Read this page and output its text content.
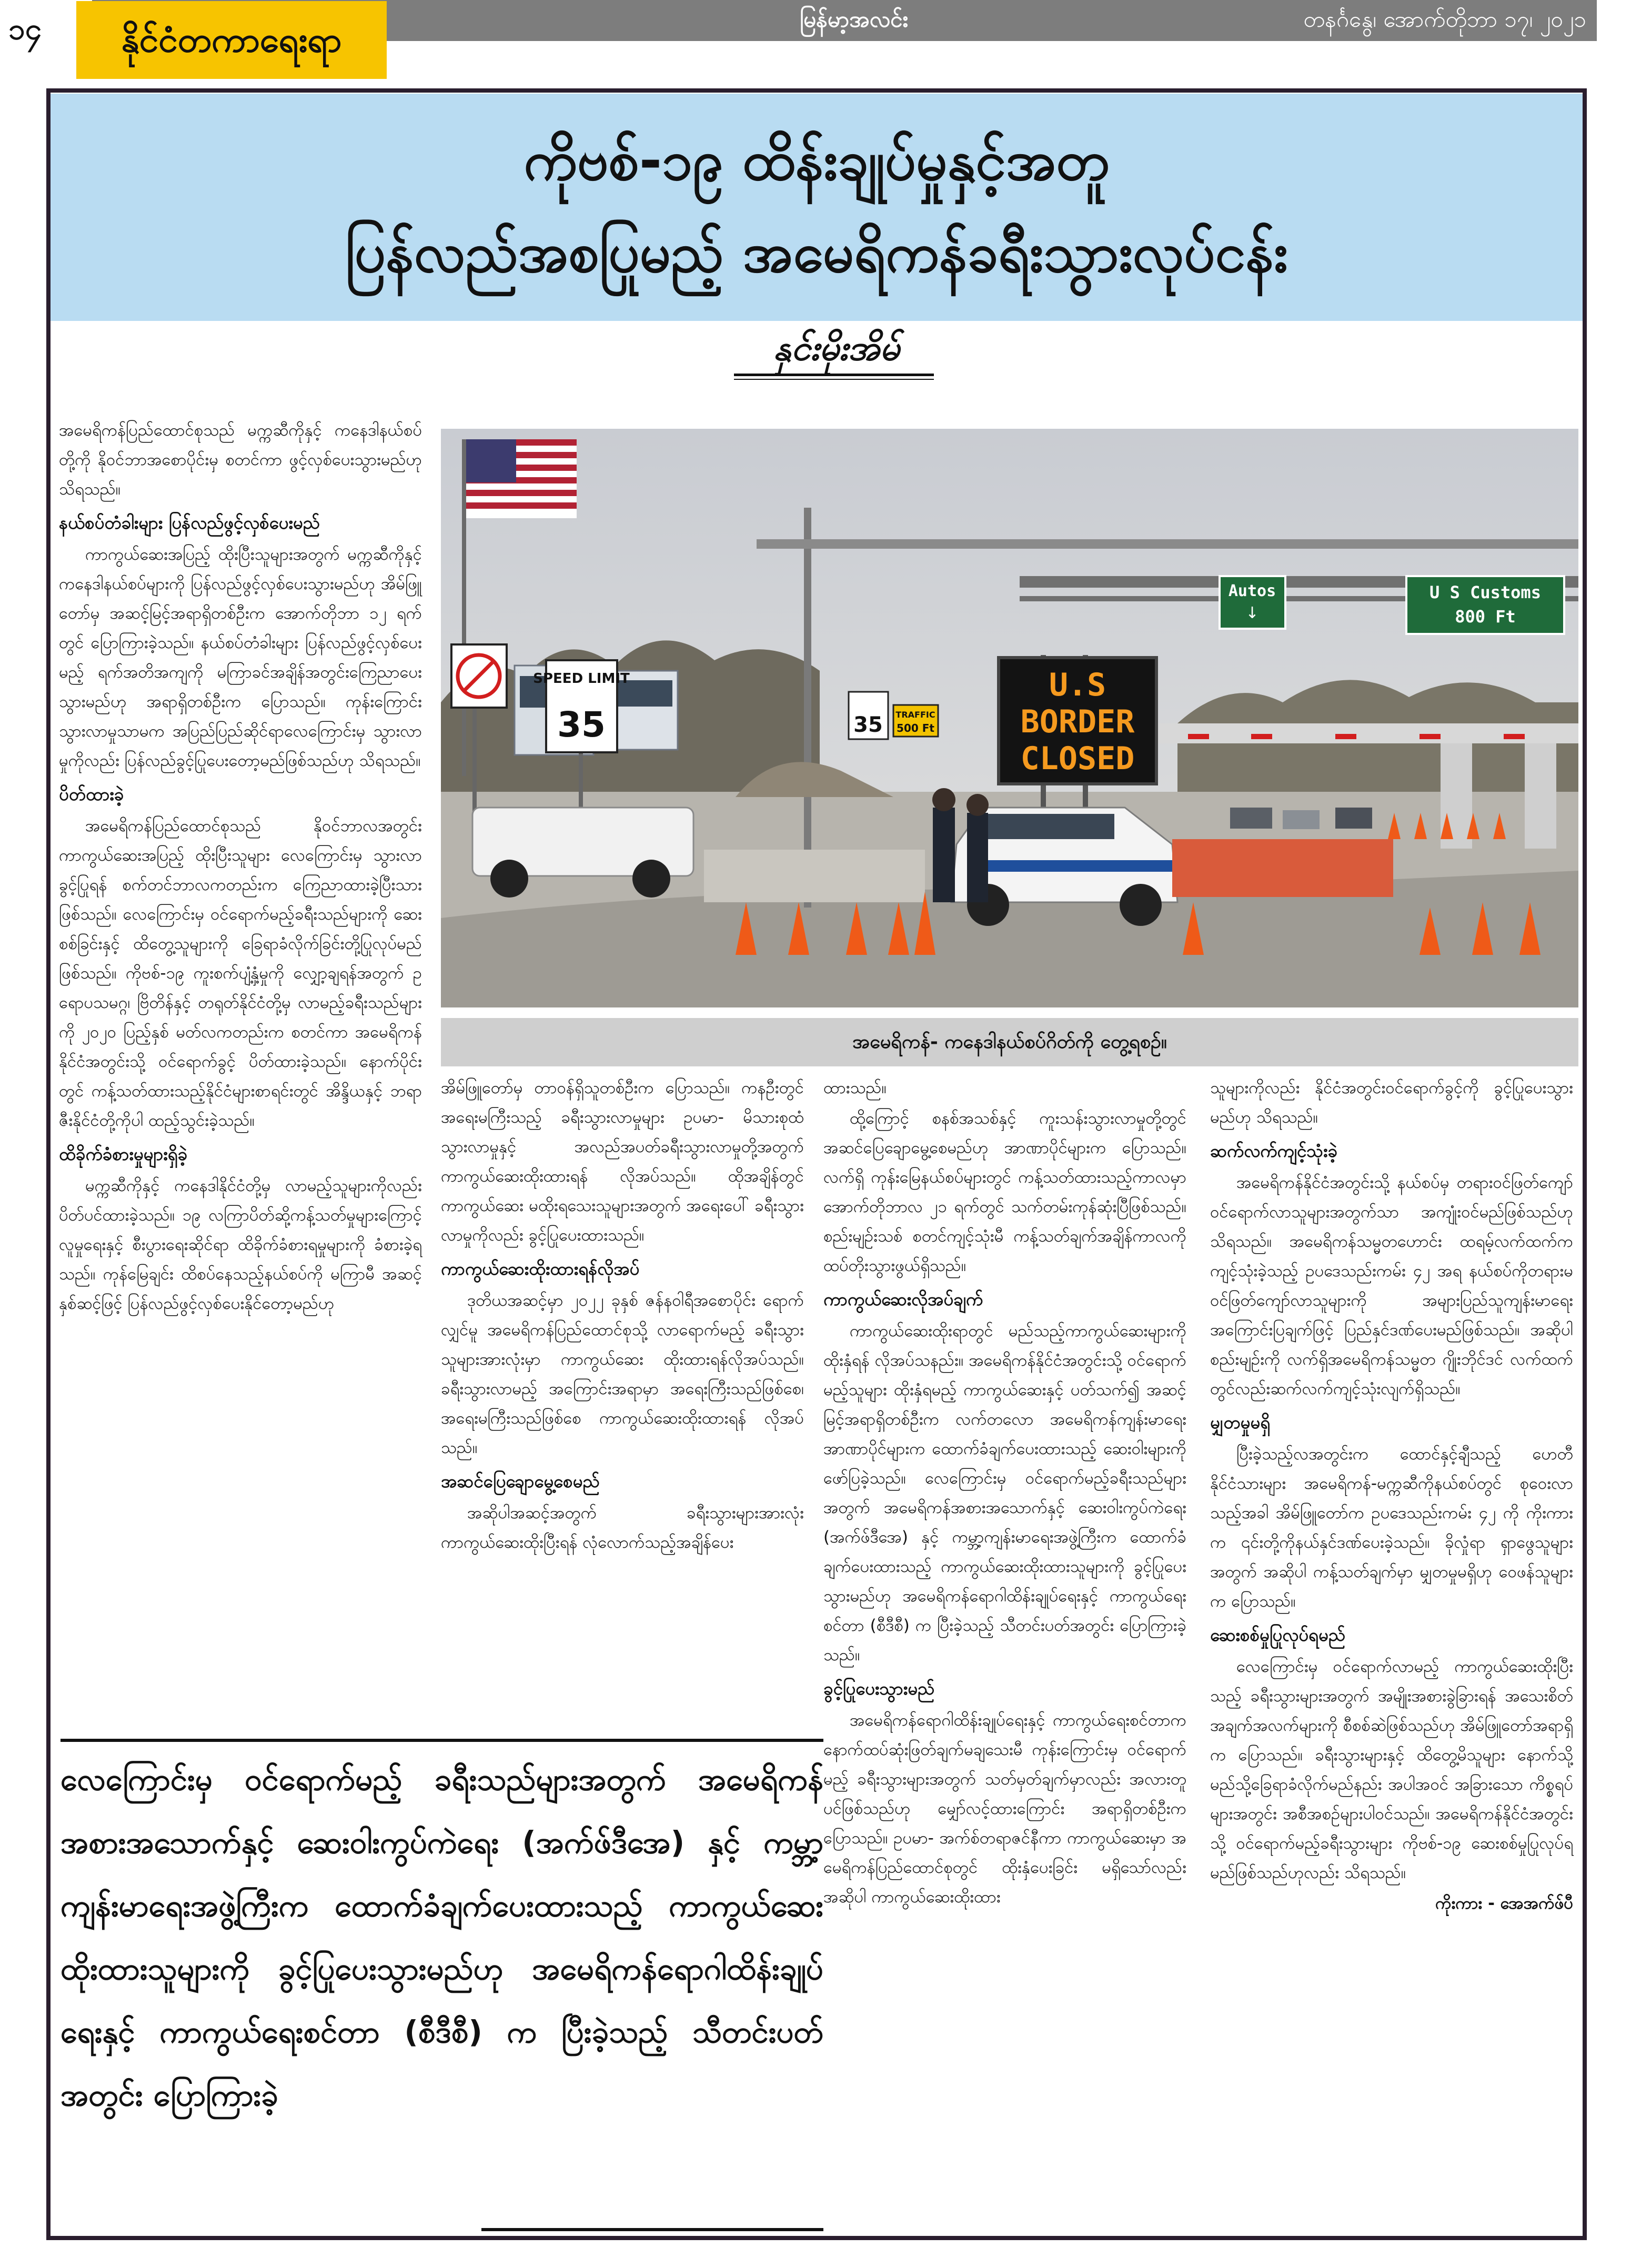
၁၄	နိုင်ငံတကာရေးရာ
မြန်မာ့အလင်း	တနင်္ဂနွေ၊ အောက်တိုဘာ ၁၇၊ ၂၀၂၁
ကိုဗစ်-၁၉ ထိန်းချုပ်မှုနှင့်အတူ
ပြန်လည်အစပြုမည့် အမေရိကန်ခရီးသွားလုပ်ငန်း
နှင်းမိုးအိမ်

အမေရိကန်ပြည်ထောင်စုသည် မက္ကဆီကိုနှင့် ကနေဒါနယ်စပ်တို့ကို နိုဝင်ဘာအစောပိုင်းမှ စတင်ကာ ဖွင့်လှစ်ပေးသွားမည်ဟု သိရသည်။

နယ်စပ်တံခါးများ ပြန်လည်ဖွင့်လှစ်ပေးမည်

ကာကွယ်ဆေးအပြည့် ထိုးပြီးသူများအတွက် မက္ကဆီကိုနှင့် ကနေဒါနယ်စပ်များကို ပြန်လည်ဖွင့်လှစ်ပေးသွားမည်ဟု အိမ်ဖြူတော်မှ အဆင့်မြင့်အရာရှိတစ်ဦးက အောက်တိုဘာ ၁၂ ရက်တွင် ပြောကြားခဲ့သည်။ နယ်စပ်တံခါးများ ပြန်လည်ဖွင့်လှစ်ပေးမည့် ရက်အတိအကျကို မကြာခင်အချိန်အတွင်းကြေညာပေးသွားမည်ဟု အရာရှိတစ်ဦးက ပြောသည်။ ကုန်းကြောင်းသွားလာမှုသာမက အပြည်ပြည်ဆိုင်ရာလေကြောင်းမှ သွားလာမှုကိုလည်း ပြန်လည်ခွင့်ပြုပေးတော့မည်ဖြစ်သည်ဟု သိရသည်။

ပိတ်ထားခဲ့

အမေရိကန်ပြည်ထောင်စုသည် နိုဝင်ဘာလအတွင်း ကာကွယ်ဆေးအပြည့် ထိုးပြီးသူများ လေကြောင်းမှ သွားလာခွင့်ပြုရန် စက်တင်ဘာလကတည်းက ကြေညာထားခဲ့ပြီးသားဖြစ်သည်။ လေကြောင်းမှ ဝင်ရောက်မည့်ခရီးသည်များကို ဆေးစစ်ခြင်းနှင့် ထိတွေ့သူများကို ခြေရာခံလိုက်ခြင်းတို့ပြုလုပ်မည်ဖြစ်သည်။ ကိုဗစ်-၁၉ ကူးစက်ပျံ့နှံ့မှုကို လျှော့ချရန်အတွက် ဥရောပသမဂ္ဂ၊ ဗြိတိန်နှင့် တရုတ်နိုင်ငံတို့မှ လာမည့်ခရီးသည်များကို ၂၀၂၀ ပြည့်နှစ် မတ်လကတည်းက စတင်ကာ အမေရိကန်နိုင်ငံအတွင်းသို့ ဝင်ရောက်ခွင့် ပိတ်ထားခဲ့သည်။ နောက်ပိုင်းတွင် ကန့်သတ်ထားသည့်နိုင်ငံများစာရင်းတွင် အိန္ဒိယနှင့် ဘရာဇီးနိုင်ငံတို့ကိုပါ ထည့်သွင်းခဲ့သည်။

ထိခိုက်ခံစားမှုများရှိခဲ့

မက္ကဆီကိုနှင့် ကနေဒါနိုင်ငံတို့မှ လာမည့်သူများကိုလည်း ပိတ်ပင်ထားခဲ့သည်။ ၁၉ လကြာပိတ်ဆို့ကန့်သတ်မှုများကြောင့် လူမှုရေးနှင့် စီးပွားရေးဆိုင်ရာ ထိခိုက်ခံစားရမှုများကို ခံစားခဲ့ရသည်။ ကုန်မြေချင်း ထိစပ်နေသည့်နယ်စပ်ကို မကြာမီ အဆင့်နှစ်ဆင့်ဖြင့် ပြန်လည်ဖွင့်လှစ်ပေးနိုင်တော့မည်ဟု

Autos
↓
U S Customs
800 Ft
SPEED LIMIT
35	35 TRAFFIC
500 Ft
U.S
BORDER
CLOSED
အမေရိကန်- ကနေဒါနယ်စပ်ဂိတ်ကို တွေ့ရစဉ်။

အိမ်ဖြူတော်မှ တာဝန်ရှိသူတစ်ဦးက ပြောသည်။ ကနဦးတွင် အရေးမကြီးသည့် ခရီးသွားလာမှုများ ဥပမာ- မိသားစုထံသွားလာမှုနှင့် အလည်အပတ်ခရီးသွားလာမှုတို့အတွက် ကာကွယ်ဆေးထိုးထားရန် လိုအပ်သည်။ ထိုအချိန်တွင် ကာကွယ်ဆေး မထိုးရသေးသူများအတွက် အရေးပေါ် ခရီးသွားလာမှုကိုလည်း ခွင့်ပြုပေးထားသည်။

ကာကွယ်ဆေးထိုးထားရန်လိုအပ်

ဒုတိယအဆင့်မှာ ၂၀၂၂ ခုနှစ် ဇန်နဝါရီအစောပိုင်း ရောက်လျှင်မူ အမေရိကန်ပြည်ထောင်စုသို့ လာရောက်မည့် ခရီးသွားသူများအားလုံးမှာ ကာကွယ်ဆေး ထိုးထားရန်လိုအပ်သည်။ ခရီးသွားလာမည့် အကြောင်းအရာမှာ အရေးကြီးသည်ဖြစ်စေ၊ အရေးမကြီးသည်ဖြစ်စေ ကာကွယ်ဆေးထိုးထားရန် လိုအပ်သည်။

အဆင်ပြေချောမွေ့စေမည်

အဆိုပါအဆင့်အတွက် ခရီးသွားများအားလုံး ကာကွယ်ဆေးထိုးပြီးရန် လုံလောက်သည့်အချိန်ပေး

ထားသည်။

ထို့ကြောင့် စနစ်အသစ်နှင့် ကူးသန်းသွားလာမှုတို့တွင် အဆင်ပြေချောမွေ့စေမည်ဟု အာဏာပိုင်များက ပြောသည်။ လက်ရှိ ကုန်းမြေနယ်စပ်များတွင် ကန့်သတ်ထားသည့်ကာလမှာ အောက်တိုဘာလ ၂၁ ရက်တွင် သက်တမ်းကုန်ဆုံးပြီဖြစ်သည်။ စည်းမျဉ်းသစ် စတင်ကျင့်သုံးမီ ကန့်သတ်ချက်အချိန်ကာလကို ထပ်တိုးသွားဖွယ်ရှိသည်။

ကာကွယ်ဆေးလိုအပ်ချက်

ကာကွယ်ဆေးထိုးရာတွင် မည်သည့်ကာကွယ်ဆေးများကို ထိုးနှံရန် လိုအပ်သနည်း။ အမေရိကန်နိုင်ငံအတွင်းသို့ ဝင်ရောက်မည့်သူများ ထိုးနှံရမည့် ကာကွယ်ဆေးနှင့် ပတ်သက်၍ အဆင့်မြင့်အရာရှိတစ်ဦးက လက်တလော အမေရိကန်ကျန်းမာရေးအာဏာပိုင်များက ထောက်ခံချက်ပေးထားသည့် ဆေးဝါးများကို ဖော်ပြခဲ့သည်။ လေကြောင်းမှ ဝင်ရောက်မည့်ခရီးသည်များအတွက် အမေရိကန်အစားအသောက်နှင့် ဆေးဝါးကွပ်ကဲရေး (အက်ဖ်ဒီအေ) နှင့် ကမ္ဘာ့ကျန်းမာရေးအဖွဲ့ကြီးက ထောက်ခံချက်ပေးထားသည့် ကာကွယ်ဆေးထိုးထားသူများကို ခွင့်ပြုပေးသွားမည်ဟု အမေရိကန်ရောဂါထိန်းချုပ်ရေးနှင့် ကာကွယ်ရေးစင်တာ (စီဒီစီ) က ပြီးခဲ့သည့် သီတင်းပတ်အတွင်း ပြောကြားခဲ့သည်။

ခွင့်ပြုပေးသွားမည်

အမေရိကန်ရောဂါထိန်းချုပ်ရေးနှင့် ကာကွယ်ရေးစင်တာက နောက်ထပ်ဆုံးဖြတ်ချက်မချသေးမီ ကုန်းကြောင်းမှ ဝင်ရောက်မည့် ခရီးသွားများအတွက် သတ်မှတ်ချက်မှာလည်း အလားတူပင်ဖြစ်သည်ဟု မျှော်လင့်ထားကြောင်း အရာရှိတစ်ဦးက ပြောသည်။ ဥပမာ- အက်စ်တရာဇင်နီကာ ကာကွယ်ဆေးမှာ အမေရိကန်ပြည်ထောင်စုတွင် ထိုးနှံပေးခြင်း မရှိသော်လည်း အဆိုပါ ကာကွယ်ဆေးထိုးထား

သူများကိုလည်း နိုင်ငံအတွင်းဝင်ရောက်ခွင့်ကို ခွင့်ပြုပေးသွားမည်ဟု သိရသည်။

ဆက်လက်ကျင့်သုံးခဲ့

အမေရိကန်နိုင်ငံအတွင်းသို့ နယ်စပ်မှ တရားဝင်ဖြတ်ကျော် ဝင်ရောက်လာသူများအတွက်သာ အကျုံးဝင်မည်ဖြစ်သည်ဟု သိရသည်။ အမေရိကန်သမ္မတဟောင်း ထရမ့်လက်ထက်က ကျင့်သုံးခဲ့သည့် ဥပဒေသည်းကမ်း ၄၂ အရ နယ်စပ်ကိုတရားမဝင်ဖြတ်ကျော်လာသူများကို အများပြည်သူကျန်းမာရေးအကြောင်းပြချက်ဖြင့် ပြည်နှင်ဒဏ်ပေးမည်ဖြစ်သည်။ အဆိုပါ စည်းမျဉ်းကို လက်ရှိအမေရိကန်သမ္မတ ဂျိုးဘိုင်ဒင် လက်ထက်တွင်လည်းဆက်လက်ကျင့်သုံးလျက်ရှိသည်။

မျှတမှုမရှိ

ပြီးခဲ့သည့်လအတွင်းက ထောင်နှင့်ချီသည့် ဟေတီနိုင်ငံသားများ အမေရိကန်-မက္ကဆီကိုနယ်စပ်တွင် စုဝေးလာသည့်အခါ အိမ်ဖြူတော်က ဥပဒေသည်းကမ်း ၄၂ ကို ကိုးကားက ၎င်းတို့ကိုနယ်နှင်ဒဏ်ပေးခဲ့သည်။ ခိုလှုံရာ ရှာဖွေသူများအတွက် အဆိုပါ ကန့်သတ်ချက်မှာ မျှတမှုမရှိဟု ဝေဖန်သူများက ပြောသည်။

ဆေးစစ်မှုပြုလုပ်ရမည်

လေကြောင်းမှ ဝင်ရောက်လာမည့် ကာကွယ်ဆေးထိုးပြီးသည့် ခရီးသွားများအတွက် အမျိုးအစားခွဲခြားရန် အသေးစိတ်အချက်အလက်များကို စီစစ်ဆဲဖြစ်သည်ဟု အိမ်ဖြူတော်အရာရှိက ပြောသည်။ ခရီးသွားများနှင့် ထိတွေ့မိသူများ နောက်သို့ မည်သို့ခြေရာခံလိုက်မည်နည်း အပါအဝင် အခြားသော ကိစ္စရပ်များအတွင်း အစီအစဉ်များပါဝင်သည်။ အမေရိကန်နိုင်ငံအတွင်းသို့ ဝင်ရောက်မည့်ခရီးသွားများ ကိုဗစ်-၁၉ ဆေးစစ်မှုပြုလုပ်ရမည်ဖြစ်သည်ဟုလည်း သိရသည်။

ကိုးကား - အေအက်ဖ်ပီ

လေကြောင်းမှ ဝင်ရောက်မည့် ခရီးသည်များအတွက် အမေရိကန်အစားအသောက်နှင့် ဆေးဝါးကွပ်ကဲရေး (အက်ဖ်ဒီအေ) နှင့် ကမ္ဘာ့ကျန်းမာရေးအဖွဲ့ကြီးက ထောက်ခံချက်ပေးထားသည့် ကာကွယ်ဆေးထိုးထားသူများကို ခွင့်ပြုပေးသွားမည်ဟု အမေရိကန်ရောဂါထိန်းချုပ်ရေးနှင့် ကာကွယ်ရေးစင်တာ (စီဒီစီ) က ပြီးခဲ့သည့် သီတင်းပတ်အတွင်း ပြောကြားခဲ့
